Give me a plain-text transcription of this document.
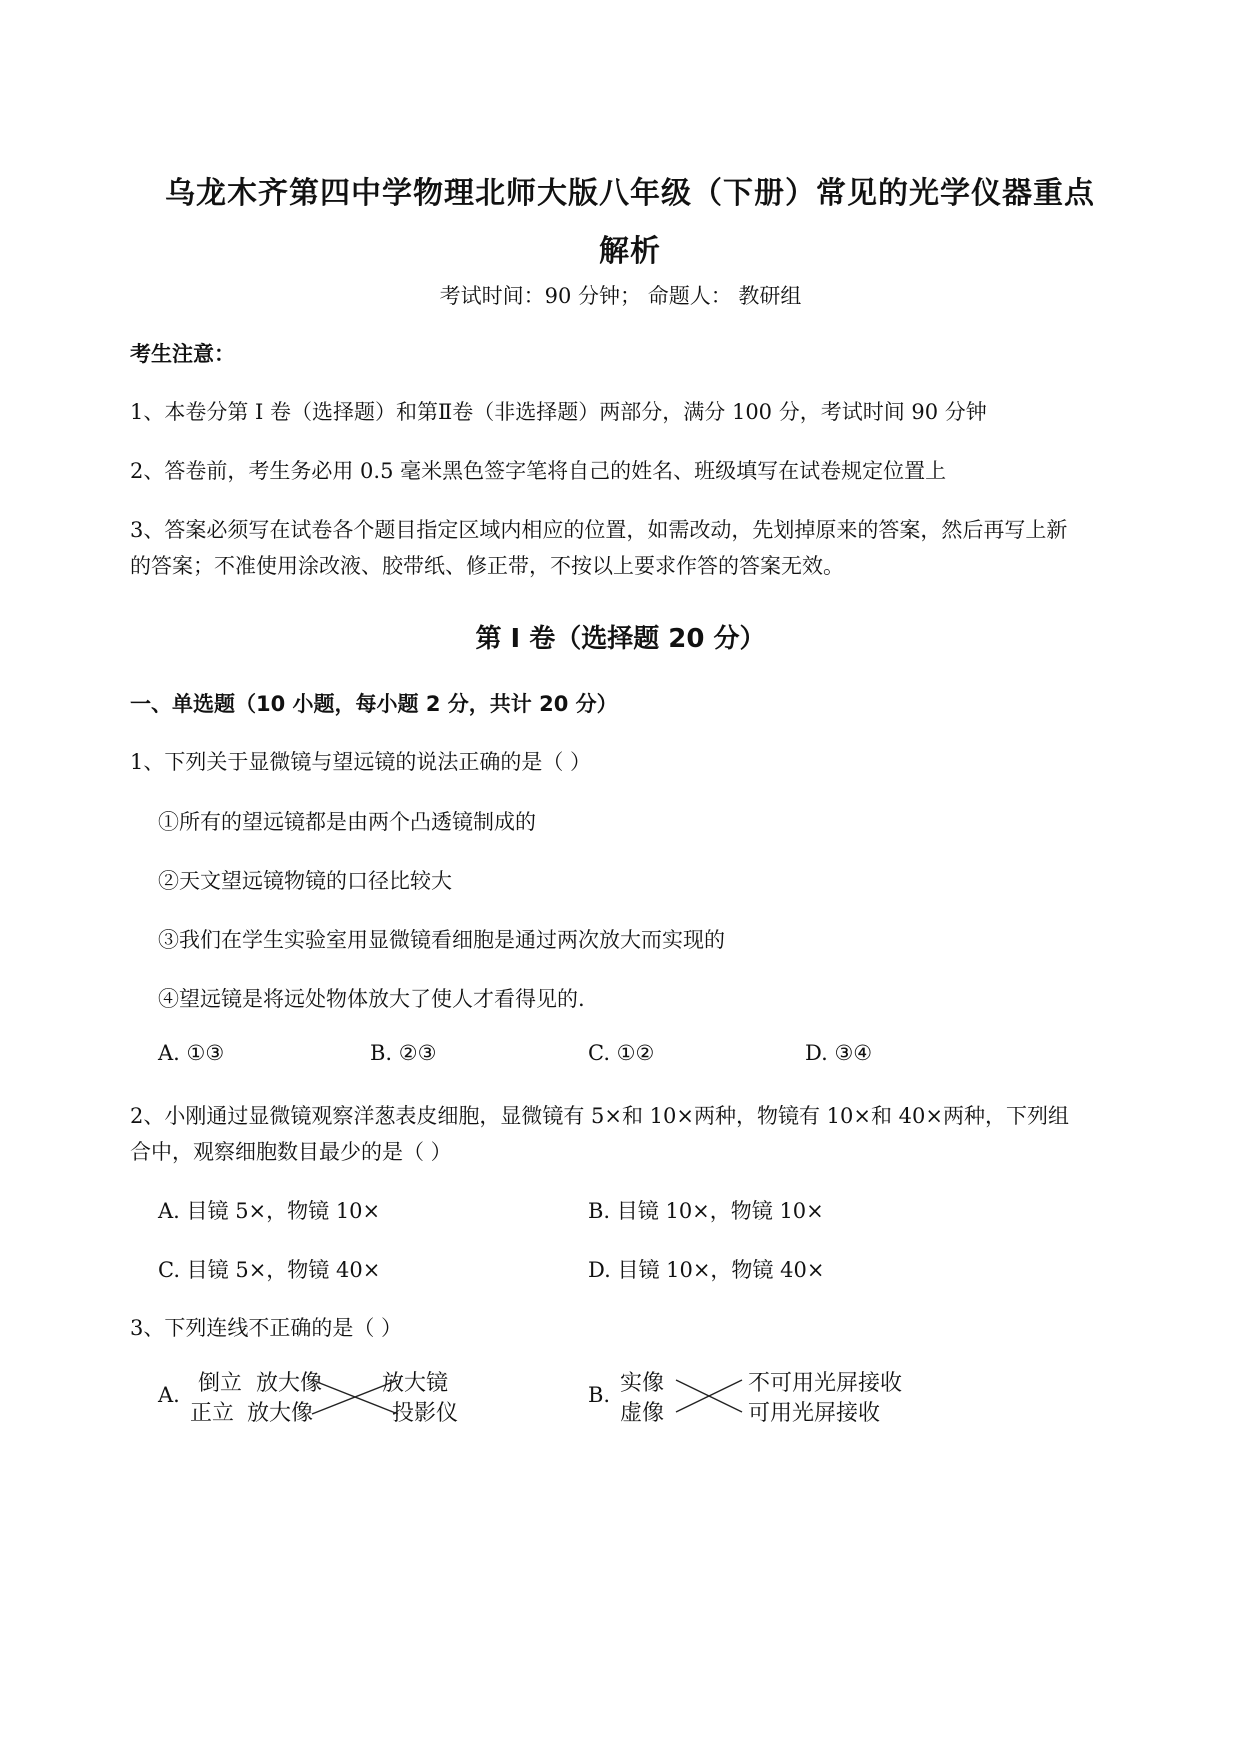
乌龙木齐第四中学物理北师大版八年级（下册）常见的光学仪器重点
解析
考试时间：90 分钟； 命题人： 教研组
考生注意：
1、本卷分第 I 卷（选择题）和第Ⅱ卷（非选择题）两部分，满分 100 分，考试时间 90 分钟
2、答卷前，考生务必用 0.5 毫米黑色签字笔将自己的姓名、班级填写在试卷规定位置上
3、答案必须写在试卷各个题目指定区域内相应的位置，如需改动，先划掉原来的答案，然后再写上新
的答案；不准使用涂改液、胶带纸、修正带，不按以上要求作答的答案无效。
第 I 卷（选择题 20 分）
一、单选题（10 小题，每小题 2 分，共计 20 分）
1、下列关于显微镜与望远镜的说法正确的是（ ）
①所有的望远镜都是由两个凸透镜制成的
②天文望远镜物镜的口径比较大
③我们在学生实验室用显微镜看细胞是通过两次放大而实现的
④望远镜是将远处物体放大了使人才看得见的.
A. ①③	B. ②③	C. ①②	D. ③④
2、小刚通过显微镜观察洋葱表皮细胞，显微镜有 5×和 10×两种，物镜有 10×和 40×两种，下列组
合中，观察细胞数目最少的是（ ）
A. 目镜 5×，物镜 10×	B. 目镜 10×，物镜 10×
C. 目镜 5×，物镜 40×	D. 目镜 10×，物镜 40×
3、下列连线不正确的是（ ）
A. 倒立 放大像
正立 放大像
放大镜
投影仪
B. 实像
虚像
不可用光屏接收
可用光屏接收
